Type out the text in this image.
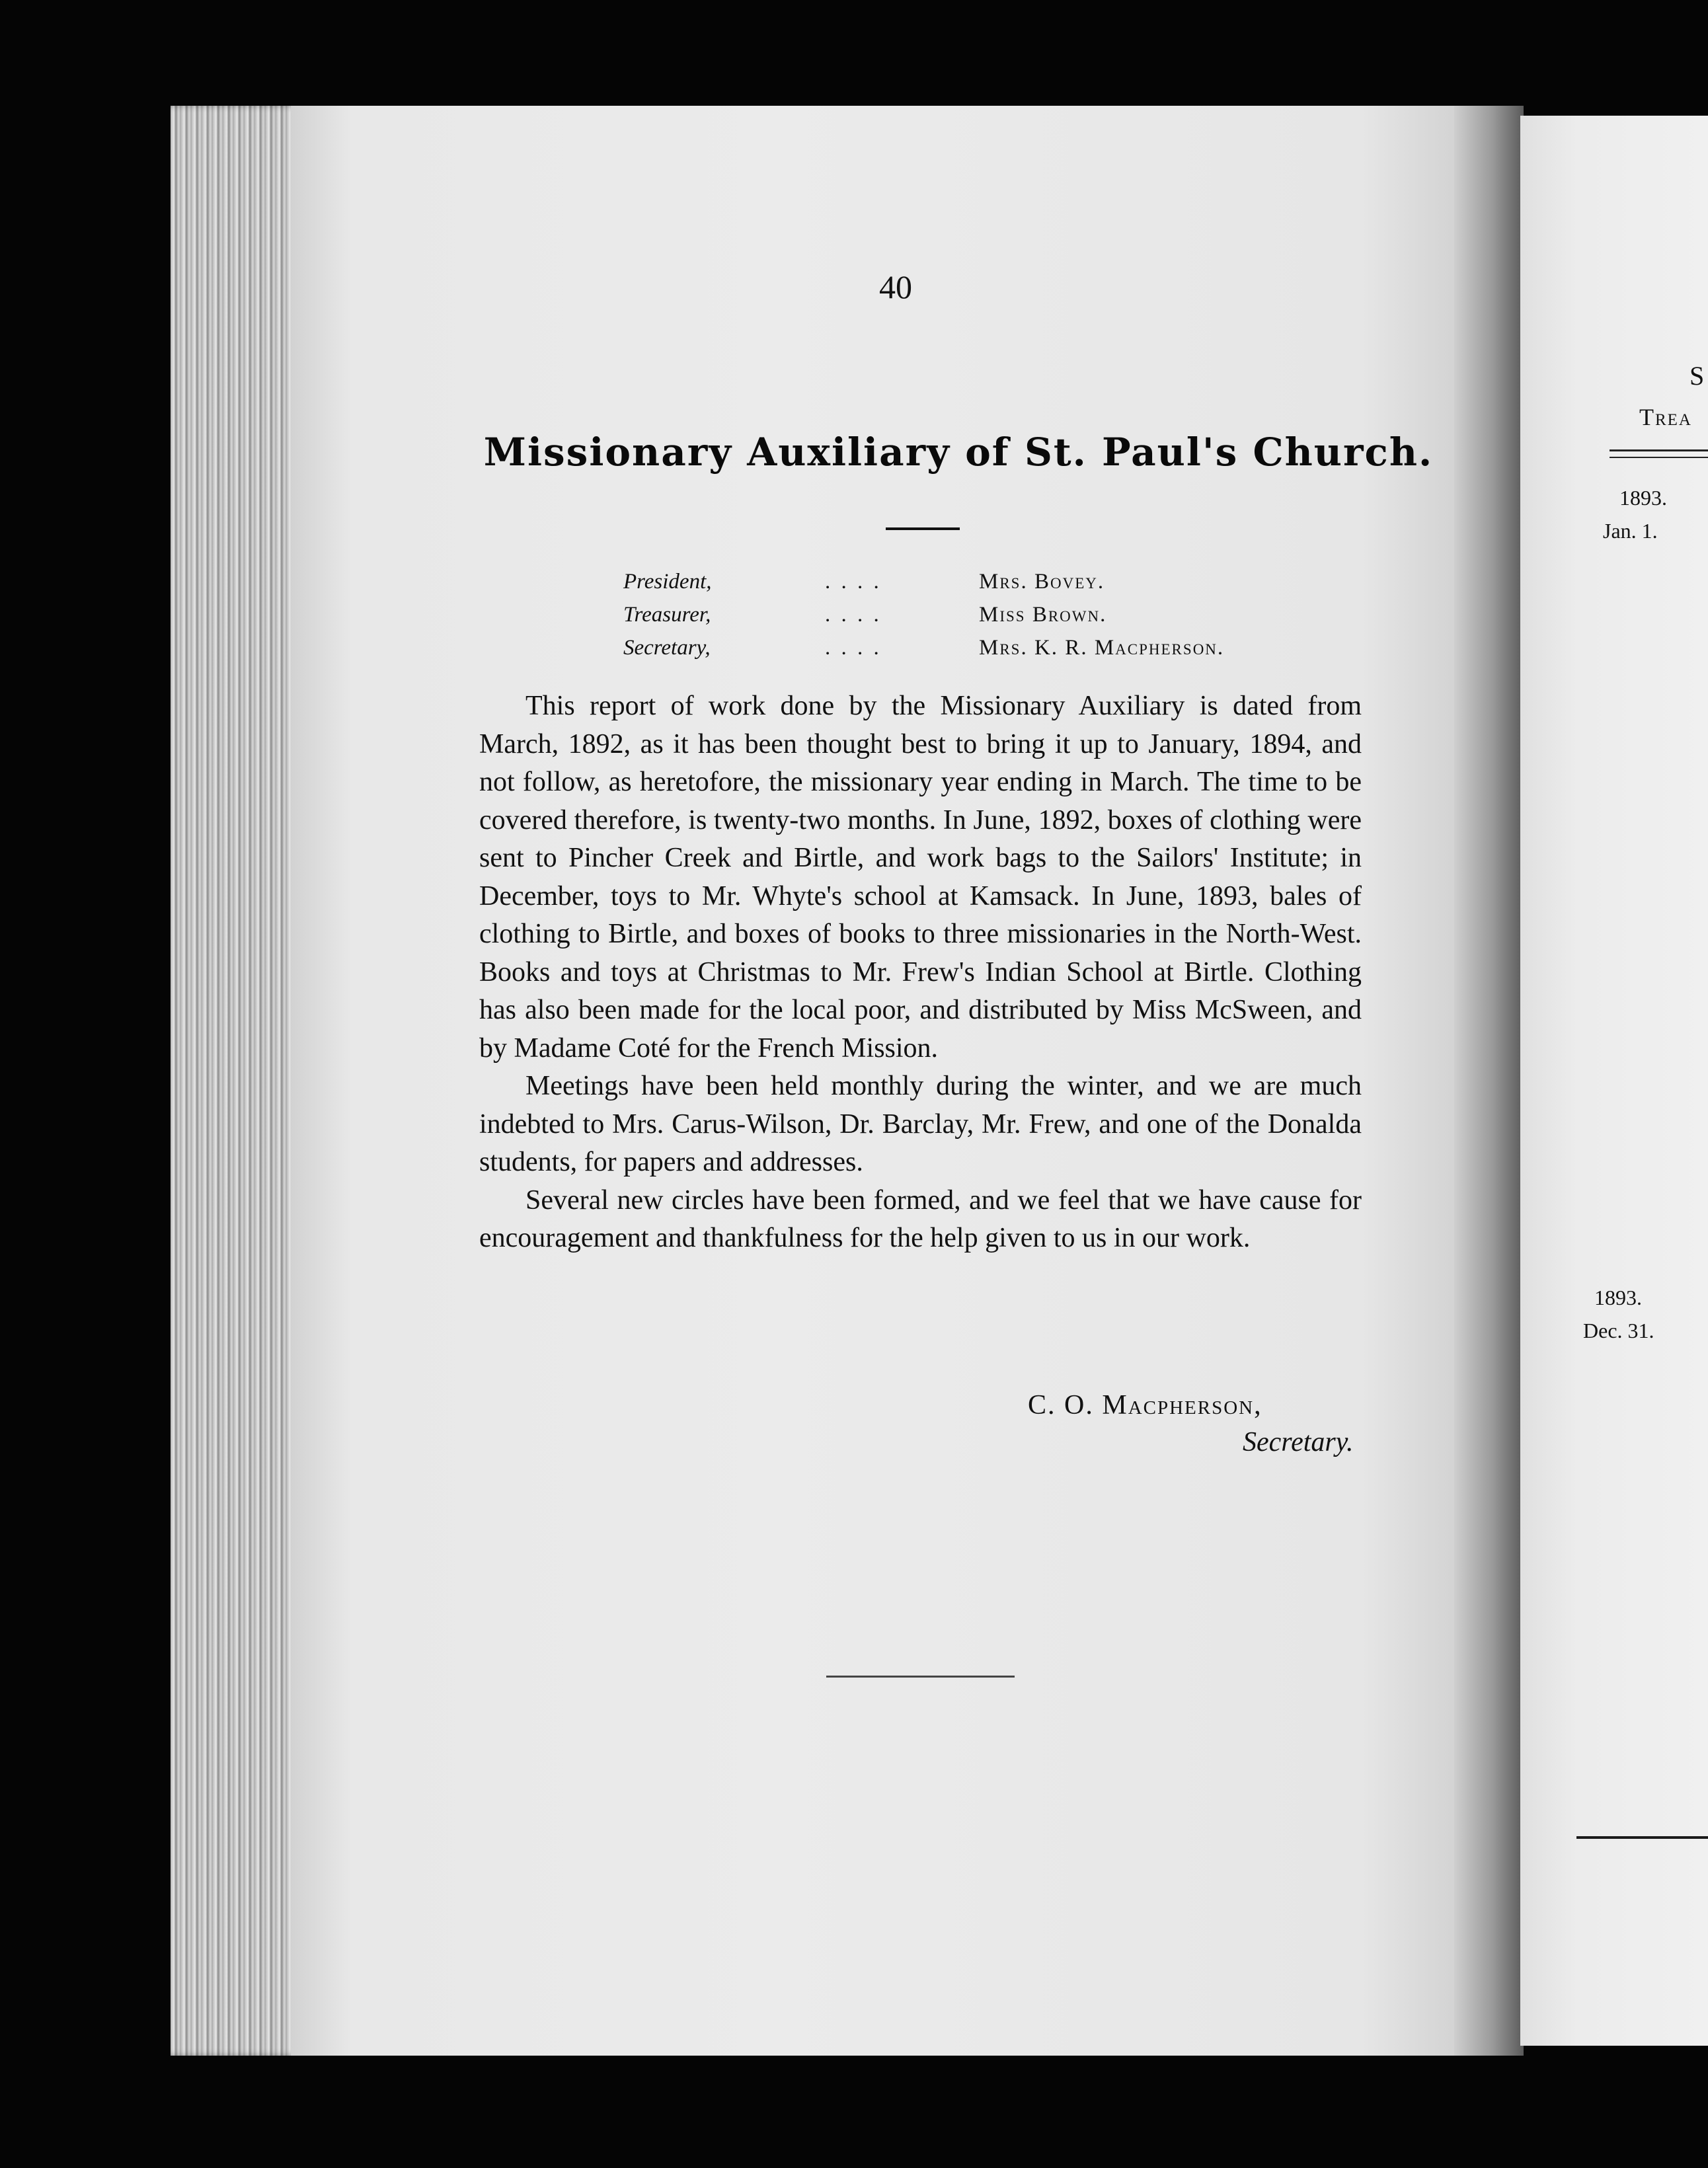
40
Missionary Auxiliary of St. Paul's Church.
President,	. . . .	Mrs. Bovey.
Treasurer,	. . . .	Miss Brown.
Secretary,	. . . .	Mrs. K. R. Macpherson.

This report of work done by the Missionary Auxiliary is dated from March, 1892, as it has been thought best to bring it up to January, 1894, and not follow, as heretofore, the missionary year ending in March. The time to be covered therefore, is twenty-two months. In June, 1892, boxes of clothing were sent to Pincher Creek and Birtle, and work bags to the Sailors' Institute; in December, toys to Mr. Whyte's school at Kamsack. In June, 1893, bales of clothing to Birtle, and boxes of books to three missionaries in the North-West. Books and toys at Christmas to Mr. Frew's Indian School at Birtle. Clothing has also been made for the local poor, and distributed by Miss McSween, and by Madame Coté for the French Mission.

Meetings have been held monthly during the winter, and we are much indebted to Mrs. Carus-Wilson, Dr. Barclay, Mr. Frew, and one of the Donalda students, for papers and addresses.

Several new circles have been formed, and we feel that we have cause for encouragement and thankfulness for the help given to us in our work.

C. O. Macpherson,
Secretary.
S
Trea
1893.
Jan. 1.
1893.
Dec. 31.
